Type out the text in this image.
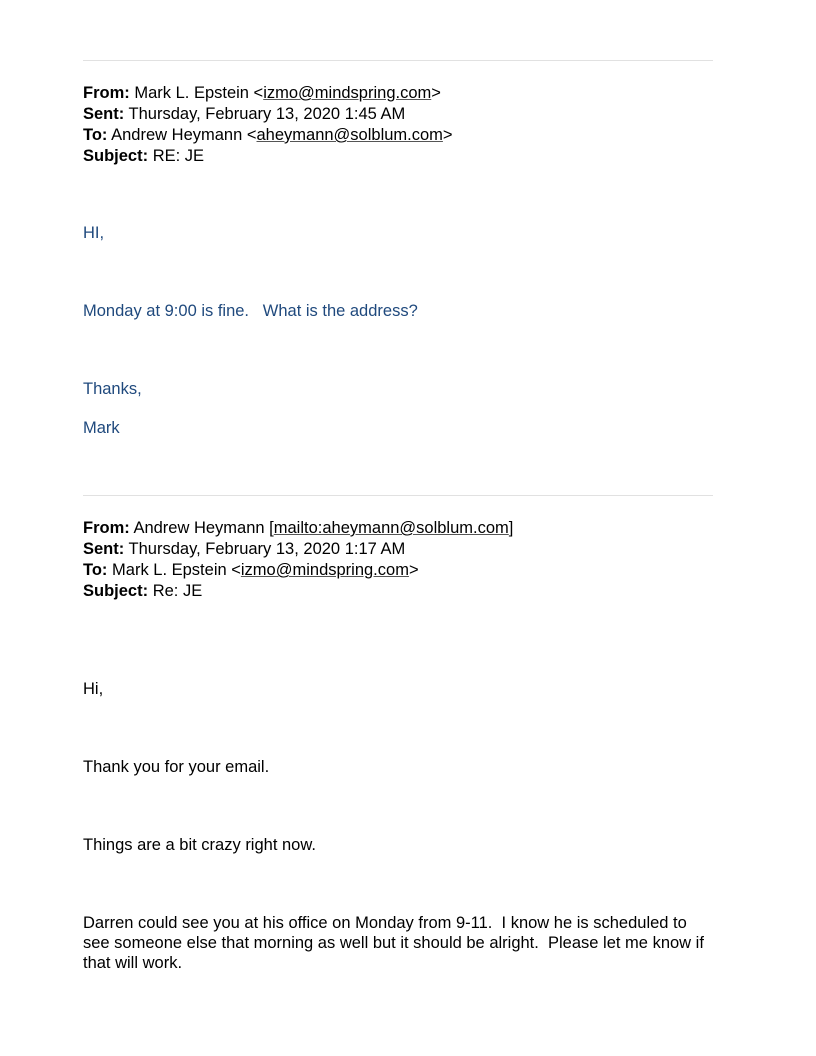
From: Mark L. Epstein <izmo@mindspring.com>
Sent: Thursday, February 13, 2020 1:45 AM
To: Andrew Heymann <aheymann@solblum.com>
Subject: RE: JE

HI,

Monday at 9:00 is fine.   What is the address?

Thanks,

Mark

From: Andrew Heymann [mailto:aheymann@solblum.com]
Sent: Thursday, February 13, 2020 1:17 AM
To: Mark L. Epstein <izmo@mindspring.com>
Subject: Re: JE

Hi,

Thank you for your email.

Things are a bit crazy right now.

Darren could see you at his office on Monday from 9-11.  I know he is scheduled to see someone else that morning as well but it should be alright.  Please let me know if that will work.
